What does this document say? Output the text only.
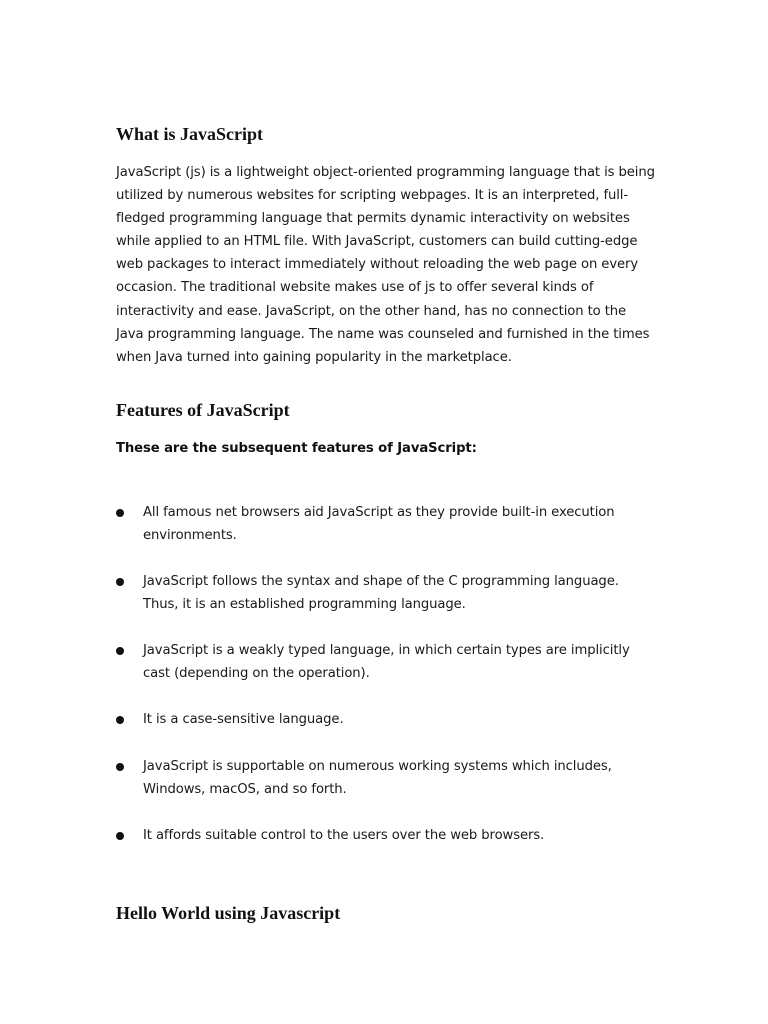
What is JavaScript

JavaScript (js) is a lightweight object-oriented programming language that is being utilized by numerous websites for scripting webpages. It is an interpreted, full-fledged programming language that permits dynamic interactivity on websites while applied to an HTML file. With JavaScript, customers can build cutting-edge web packages to interact immediately without reloading the web page on every occasion. The traditional website makes use of js to offer several kinds of interactivity and ease. JavaScript, on the other hand, has no connection to the Java programming language. The name was counseled and furnished in the times when Java turned into gaining popularity in the marketplace.

Features of JavaScript

These are the subsequent features of JavaScript:

All famous net browsers aid JavaScript as they provide built-in execution environments.
JavaScript follows the syntax and shape of the C programming language. Thus, it is an established programming language.
JavaScript is a weakly typed language, in which certain types are implicitly cast (depending on the operation).
It is a case-sensitive language.
JavaScript is supportable on numerous working systems which includes, Windows, macOS, and so forth.
It affords suitable control to the users over the web browsers.
Hello World using Javascript
